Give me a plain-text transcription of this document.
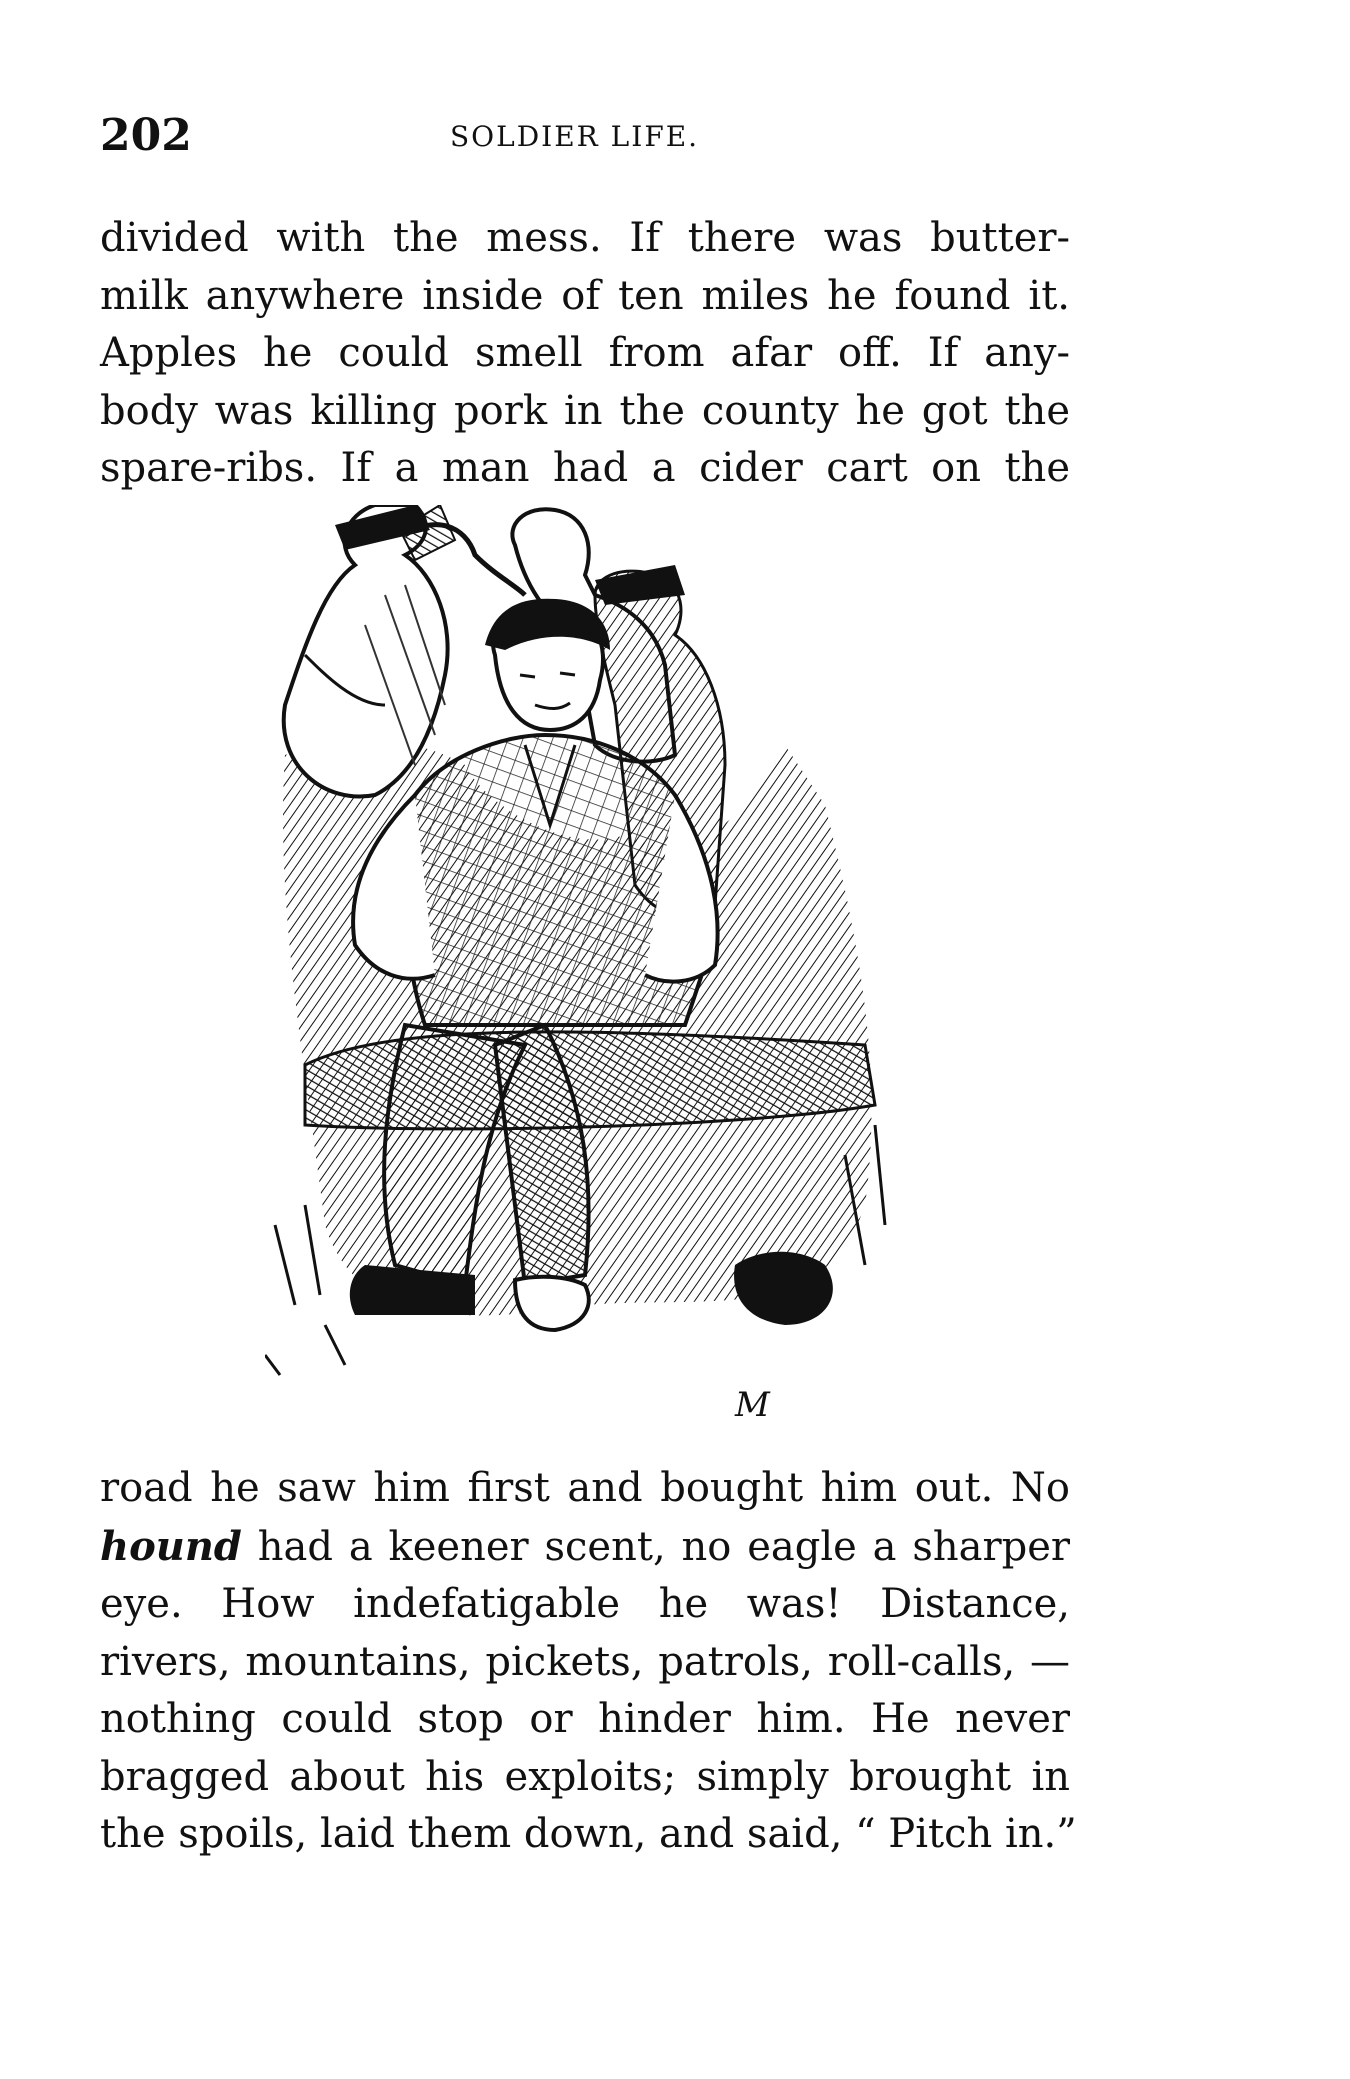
202	SOLDIER LIFE.
divided with the mess. If there was butter-
milk anywhere inside of ten miles he found it.
Apples he could smell from afar off. If any-
body was killing pork in the county he got the
spare-ribs. If a man had a cider cart on the
M
road he saw him first and bought him out. No
hound had a keener scent, no eagle a sharper
eye. How indefatigable he was! Distance,
rivers, mountains, pickets, patrols, roll-calls, —
nothing could stop or hinder him. He never
bragged about his exploits; simply brought in
the spoils, laid them down, and said, “ Pitch in.”
